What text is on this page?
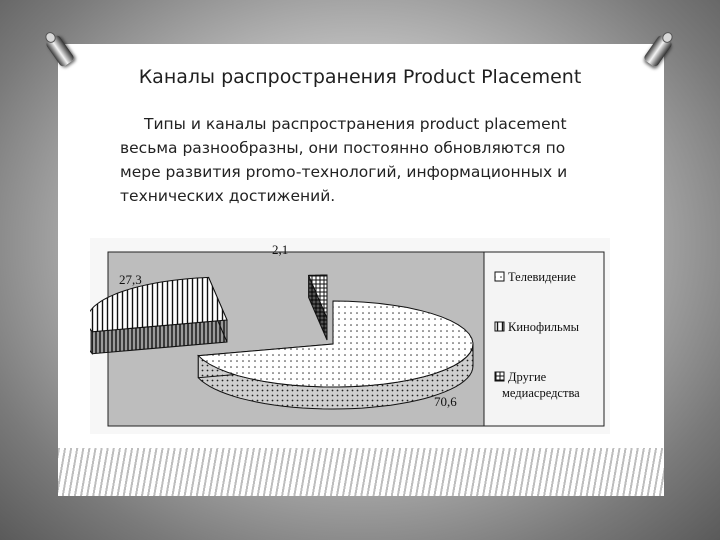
Каналы распространения Product Placement

Типы и каналы распространения product placement весьма разнообразны, они постоянно обновляются по мере развития promo-технологий, информационных и технических достижений.

27,3
2,1
70,6
Телевидение
Кинофильмы
Другие медиасредства
